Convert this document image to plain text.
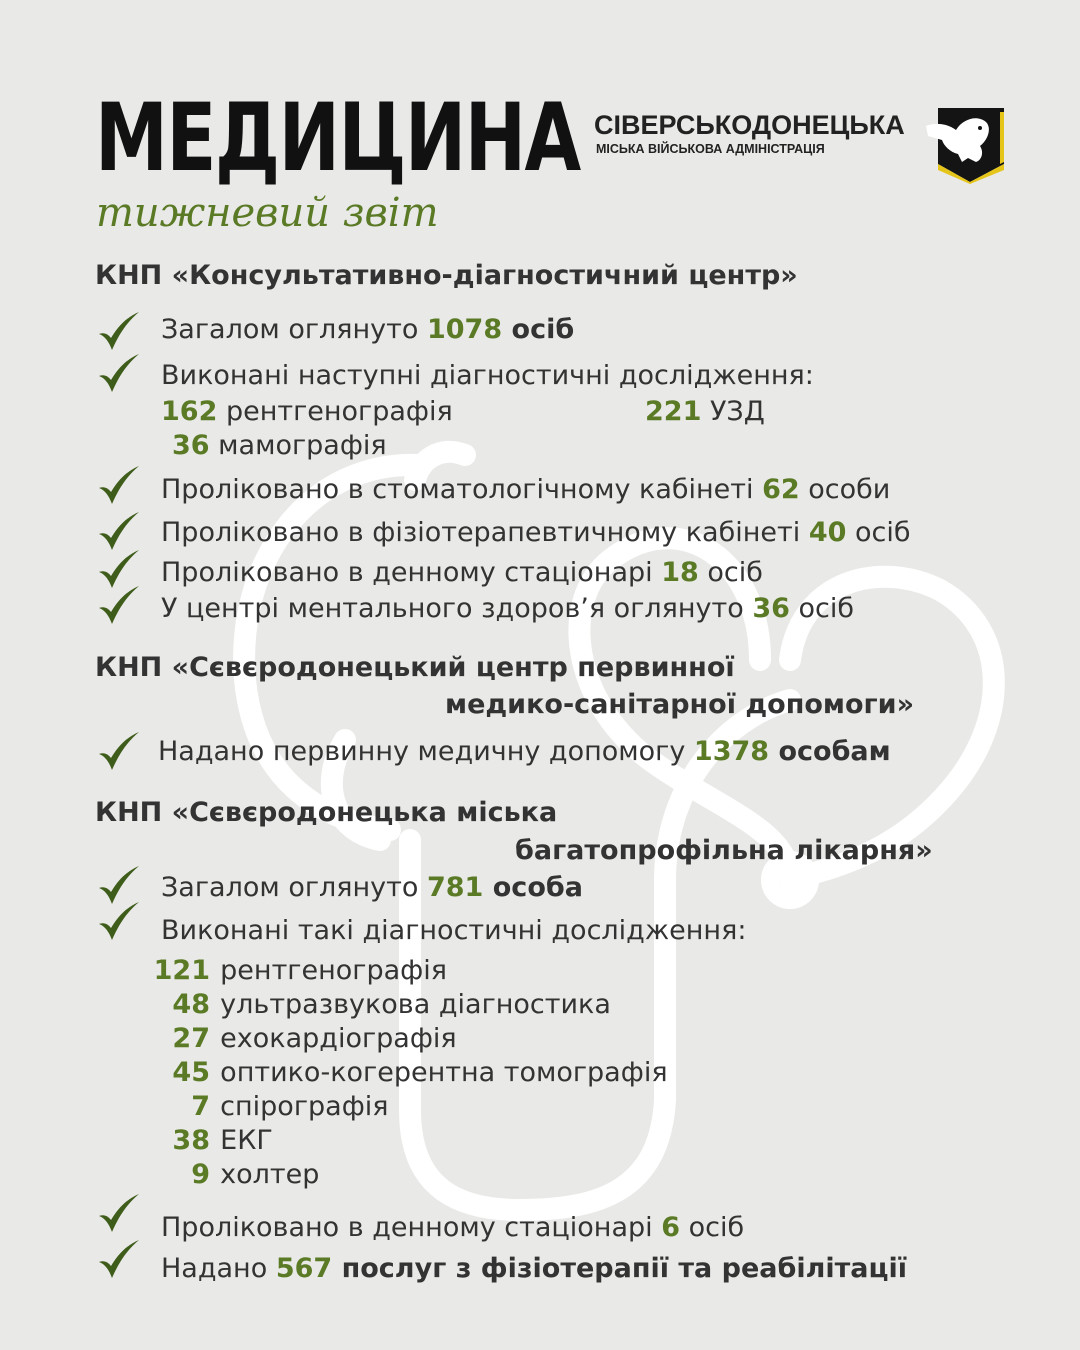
МЕДИЦИНА
тижневий звіт
СІВЕРСЬКОДОНЕЦЬКА
МІСЬКА ВІЙСЬКОВА АДМІНІСТРАЦІЯ
КНП «Консультативно-діагностичний центр»
Загалом оглянуто 1078 осіб
Виконані наступні діагностичні дослідження:
162 рентгенографія	221 УЗД
36 мамографія
Проліковано в стоматологічному кабінеті 62 особи
Проліковано в фізіотерапевтичному кабінеті 40 осіб
Проліковано в денному стаціонарі 18 осіб
У центрі ментального здоров’я оглянуто 36 осіб
КНП «Сєвєродонецький центр первинної
медико-санітарної допомоги»
Надано первинну медичну допомогу 1378 особам
КНП «Сєвєродонецька міська
багатопрофільна лікарня»
Загалом оглянуто 781 особа
Виконані такі діагностичні дослідження:
121 рентгенографія
48 ультразвукова діагностика
27 ехокардіографія
45 оптико-когерентна томографія
7 спірографія
38 ЕКГ
9 холтер
Проліковано в денному стаціонарі 6 осіб
Надано 567 послуг з фізіотерапії та реабілітації
